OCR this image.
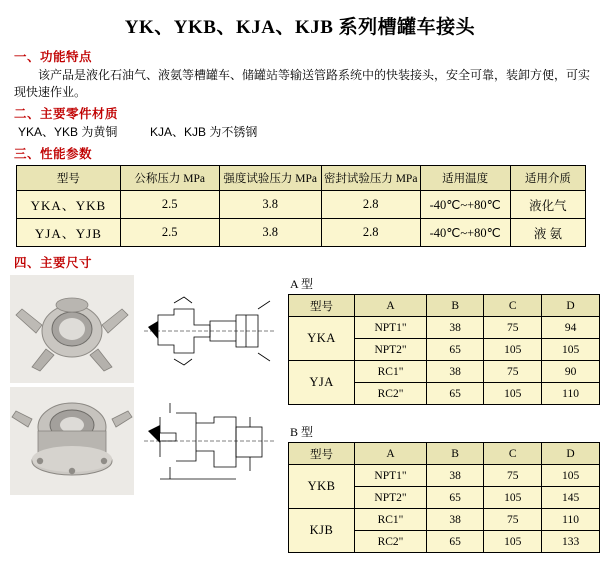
YK、YKB、KJA、KJB 系列槽罐车接头
一、功能特点

该产品是液化石油气、液氨等槽罐车、储罐站等输送管路系统中的快装接头，安全可靠，装卸方便，可实现快速作业。

二、主要零件材质
YKA、YKB 为黄铜	KJA、KJB 为不锈钢
三、性能参数
型号	公称压力 MPa	强度试验压力 MPa	密封试验压力 MPa	适用温度	适用介质
YKA、YKB	2.5	3.8	2.8	-40℃~+80℃	液化气
YJA、YJB	2.5	3.8	2.8	-40℃~+80℃	液 氨
四、主要尺寸
A 型
型号	A	B	C	D
YKA	NPT1"	38	75	94
	NPT2"	65	105	105
YJA	RC1"	38	75	90
	RC2"	65	105	110
B 型
型号	A	B	C	D
YKB	NPT1"	38	75	105
	NPT2"	65	105	145
KJB	RC1"	38	75	110
	RC2"	65	105	133
